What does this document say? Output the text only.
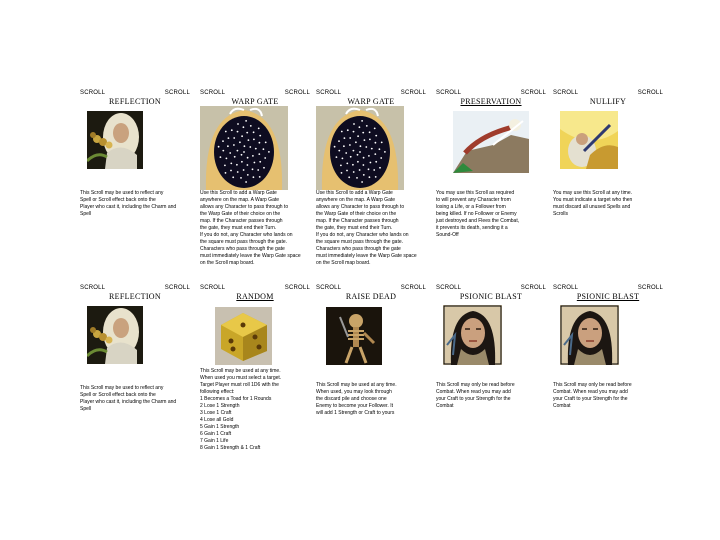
SCROLL	SCROLL
REFLECTION
This Scroll may be used to reflect any
Spell or Scroll effect back onto the
Player who cast it, including the Charm and
Spell
SCROLL	SCROLL
WARP GATE
Use this Scroll to add a Warp Gate
anywhere on the map. A Warp Gate
allows any Character to pass through to
the Warp Gate of their choice on the
map. If the Character passes through
the gate, they must end their Turn.
If you do not, any Character who lands on
the square must pass through the gate.
Characters who pass through the gate
must immediately leave the Warp Gate space
on the Scroll map board.
SCROLL	SCROLL
WARP GATE
Use this Scroll to add a Warp Gate
anywhere on the map. A Warp Gate
allows any Character to pass through to
the Warp Gate of their choice on the
map. If the Character passes through
the gate, they must end their Turn.
If you do not, any Character who lands on
the square must pass through the gate.
Characters who pass through the gate
must immediately leave the Warp Gate space
on the Scroll map board.
SCROLL	SCROLL
PRESERVATION
You may use this Scroll as required
to will prevent any Character from
losing a Life, or a Follower from
being killed. If no Follower or Enemy
just destroyed and Flees the Combat,
it prevents its death, sending it a
Sound-Off
SCROLL	SCROLL
NULLIFY
You may use this Scroll at any time.
You must indicate a target who then
must discard all unused Spells and
Scrolls
SCROLL	SCROLL
REFLECTION
This Scroll may be used to reflect any
Spell or Scroll effect back onto the
Player who cast it, including the Charm and
Spell
SCROLL	SCROLL
RANDOM
This Scroll may be used at any time.
When used you must select a target.
Target Player must roll 1D6 with the
following effect:
1 Becomes a Toad for 1 Rounds
2 Lose 1 Strength
3 Lose 1 Craft
4 Lose all Gold
5 Gain 1 Strength
6 Gain 1 Craft
7 Gain 1 Life
8 Gain 1 Strength & 1 Craft
SCROLL	SCROLL
RAISE DEAD
This Scroll may be used at any time.
When used, you may look through
the discard pile and choose one
Enemy to become your Follower. It
will add 1 Strength or Craft to yours
SCROLL	SCROLL
PSIONIC BLAST
This Scroll may only be read before
Combat. When read you may add
your Craft to your Strength for the
Combat
SCROLL	SCROLL
PSIONIC BLAST
This Scroll may only be read before
Combat. When read you may add
your Craft to your Strength for the
Combat
